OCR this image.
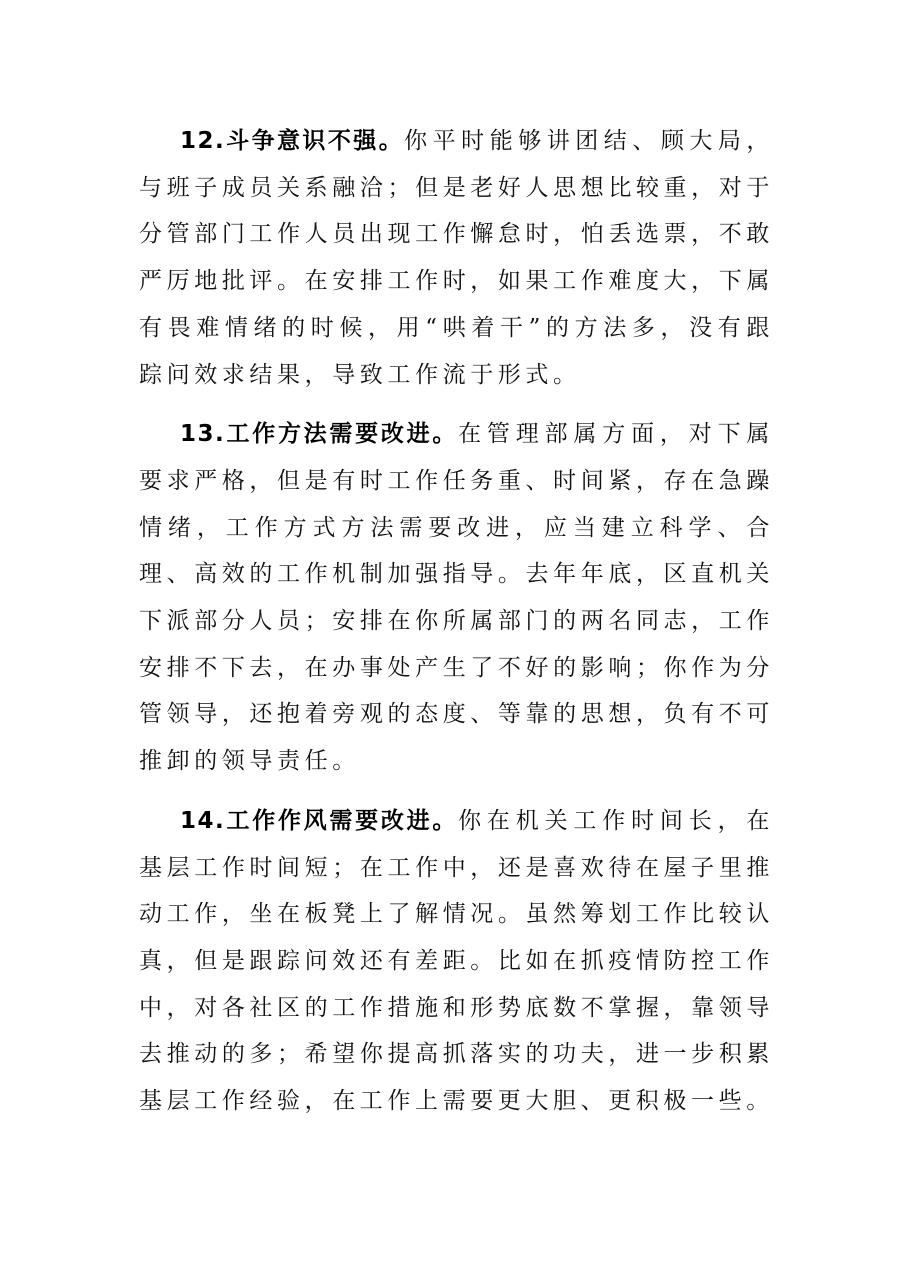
12.斗争意识不强。你平时能够讲团结、顾大局，与班子成员关系融洽；但是老好人思想比较重，对于分管部门工作人员出现工作懈怠时，怕丢选票，不敢严厉地批评。在安排工作时，如果工作难度大，下属有畏难情绪的时候，用“哄着干”的方法多，没有跟踪问效求结果，导致工作流于形式。

13.工作方法需要改进。在管理部属方面，对下属要求严格，但是有时工作任务重、时间紧，存在急躁情绪，工作方式方法需要改进，应当建立科学、合理、高效的工作机制加强指导。去年年底，区直机关下派部分人员；安排在你所属部门的两名同志，工作安排不下去，在办事处产生了不好的影响；你作为分管领导，还抱着旁观的态度、等靠的思想，负有不可推卸的领导责任。

14.工作作风需要改进。你在机关工作时间长，在基层工作时间短；在工作中，还是喜欢待在屋子里推动工作，坐在板凳上了解情况。虽然筹划工作比较认真，但是跟踪问效还有差距。比如在抓疫情防控工作中，对各社区的工作措施和形势底数不掌握，靠领导去推动的多；希望你提高抓落实的功夫，进一步积累基层工作经验，在工作上需要更大胆、更积极一些。
